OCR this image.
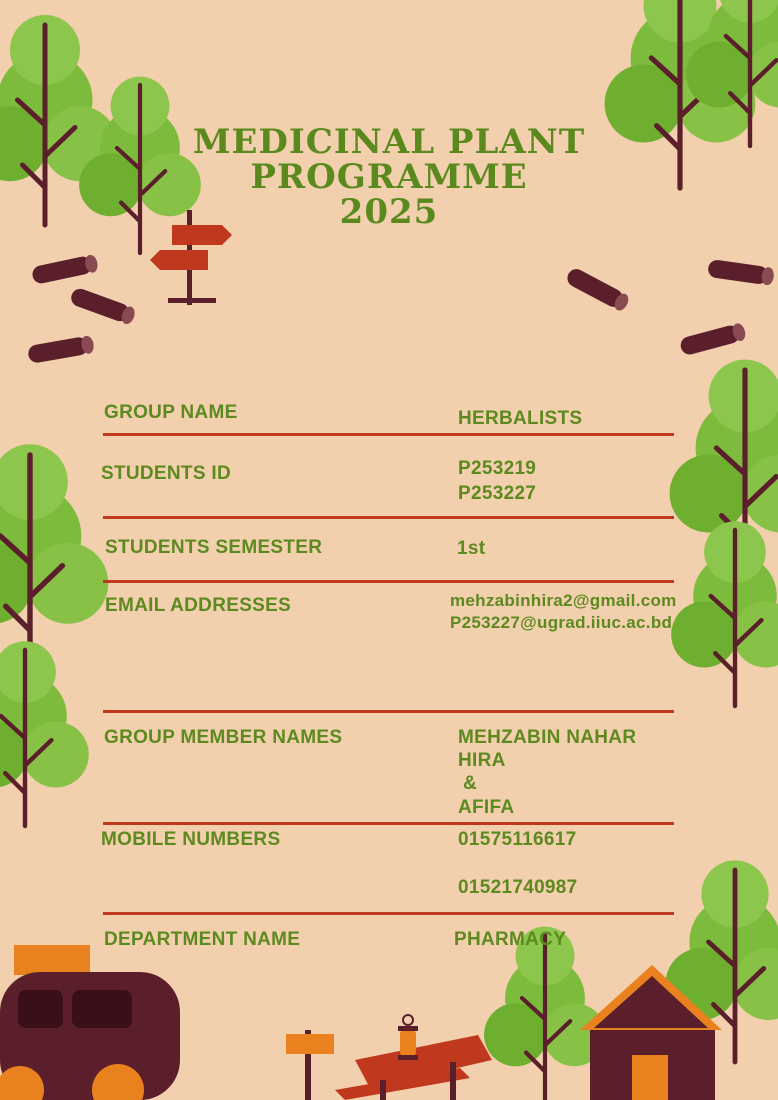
MEDICINAL PLANT
PROGRAMME
2025
GROUP NAME	HERBALISTS
STUDENTS ID	P253219
P253227
STUDENTS SEMESTER	1st
EMAIL ADDRESSES	mehzabinhira2@gmail.com
P253227@ugrad.iiuc.ac.bd
GROUP MEMBER NAMES	MEHZABIN NAHAR
HIRA
&
AFIFA
MOBILE NUMBERS	01575116617
01521740987
DEPARTMENT NAME	PHARMACY
